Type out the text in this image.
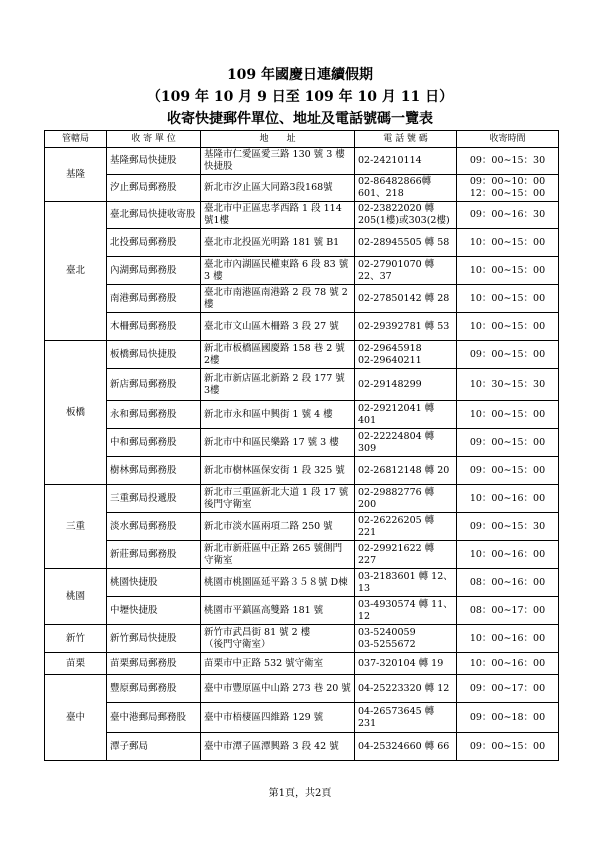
109 年國慶日連續假期
（109 年 10 月 9 日至 109 年 10 月 11 日）
收寄快捷郵件單位、地址及電話號碼一覽表
管轄局	收 寄 單 位	地　　址	電 話 號 碼	收寄時間
基隆	基隆郵局快捷股	基隆市仁愛區愛三路 130 號 3 樓快捷股	02-24210114	09：00∼15：30
	汐止郵局郵務股	新北市汐止區大同路3段168號	02-86482866轉601、218	09：00∼10：00
12：00∼15：00
臺北	臺北郵局快捷收寄股	臺北市中正區忠孝西路 1 段 114號1樓	02-23822020 轉205(1樓)或303(2樓)	09：00∼16：30
	北投郵局郵務股	臺北市北投區光明路 181 號 B1	02-28945505 轉 58	10：00∼15：00
	內湖郵局郵務股	臺北市內湖區民權東路 6 段 83 號3 樓	02-27901070 轉 22、37	10：00∼15：00
	南港郵局郵務股	臺北市南港區南港路 2 段 78 號 2樓	02-27850142 轉 28	10：00∼15：00
	木柵郵局郵務股	臺北市文山區木柵路 3 段 27 號	02-29392781 轉 53	10：00∼15：00
板橋	板橋郵局快捷股	新北市板橋區國慶路 158 巷 2 號 2樓	02-29645918
02-29640211	09：00∼15：00
	新店郵局郵務股	新北市新店區北新路 2 段 177 號 3樓	02-29148299	10：30∼15：30
	永和郵局郵務股	新北市永和區中興街 1 號 4 樓	02-29212041 轉 401	10：00∼15：00
	中和郵局郵務股	新北市中和區民樂路 17 號 3 樓	02-22224804 轉 309	09：00∼15：00
	樹林郵局郵務股	新北市樹林區保安街 1 段 325 號	02-26812148 轉 20	09：00∼15：00
三重	三重郵局投遞股	新北市三重區新北大道 1 段 17 號後門守衛室	02-29882776 轉 200	10：00∼16：00
	淡水郵局郵務股	新北市淡水區兩項二路 250 號	02-26226205 轉 221	09：00∼15：30
	新莊郵局郵務股	新北市新莊區中正路 265 號側門守衛室	02-29921622 轉 227	10：00∼16：00
桃園	桃園快捷股	桃園市桃園區延平路３５８號 D棟	03-2183601 轉 12、13	08：00∼16：00
	中壢快捷股	桃園市平鎮區高雙路 181 號	03-4930574 轉 11、12	08：00∼17：00
新竹	新竹郵局快捷股	新竹市武昌街 81 號 2 樓
（後門守衛室）	03-5240059
03-5255672	10：00∼16：00
苗栗	苗栗郵局郵務股	苗栗市中正路 532 號守衛室	037-320104 轉 19	10：00∼16：00
臺中	豐原郵局郵務股	臺中市豐原區中山路 273 巷 20 號	04-25223320 轉 12	09：00∼17：00
	臺中港郵局郵務股	臺中市梧棲區四維路 129 號	04-26573645 轉 231	09：00∼18：00
	潭子郵局	臺中市潭子區潭興路 3 段 42 號	04-25324660 轉 66	09：00∼15：00
第1頁，共2頁
